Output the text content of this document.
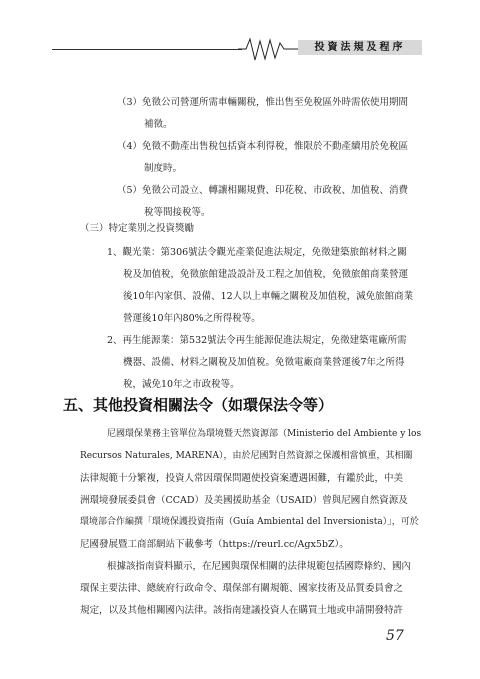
投資法規及程序
（3）免徵公司營運所需車輛關稅，惟出售至免稅區外時需依使用期間
補徵。
（4）免徵不動產出售稅包括資本利得稅，惟限於不動產續用於免稅區
制度時。
（5）免徵公司設立、轉讓相關規費、印花稅、市政稅、加值稅、消費
稅等間接稅等。
（三）特定業別之投資獎勵
1、觀光業：第306號法令觀光產業促進法規定，免徵建築旅館材料之關
稅及加值稅，免徵旅館建設設計及工程之加值稅，免徵旅館商業營運
後10年內家俱、設備、12人以上車輛之關稅及加值稅，減免旅館商業
營運後10年內80%之所得稅等。
2、再生能源業：第532號法令再生能源促進法規定，免徵建築電廠所需
機器、設備、材料之關稅及加值稅。免徵電廠商業營運後7年之所得
稅，減免10年之市政稅等。
五、其他投資相關法令（如環保法令等）
尼國環保業務主管單位為環境暨天然資源部（Ministerio del Ambiente y los
Recursos Naturales, MARENA），由於尼國對自然資源之保護相當慎重，其相關
法律規範十分繁複，投資人常因環保問題使投資案遭遇困難，有鑑於此，中美
洲環境發展委員會（CCAD）及美國援助基金（USAID）曾與尼國自然資源及
環境部合作編撰「環境保護投資指南（Guía Ambiental del Inversionista）」，可於
尼國發展暨工商部網站下載參考（https://reurl.cc/Agx5bZ）。
根據該指南資料顯示，在尼國與環保相關的法律規範包括國際條約、國內
環保主要法律、總統府行政命令、環保部有關規範、國家技術及品質委員會之
規定，以及其他相關國內法律。該指南建議投資人在購買土地或申請開發特許
57
